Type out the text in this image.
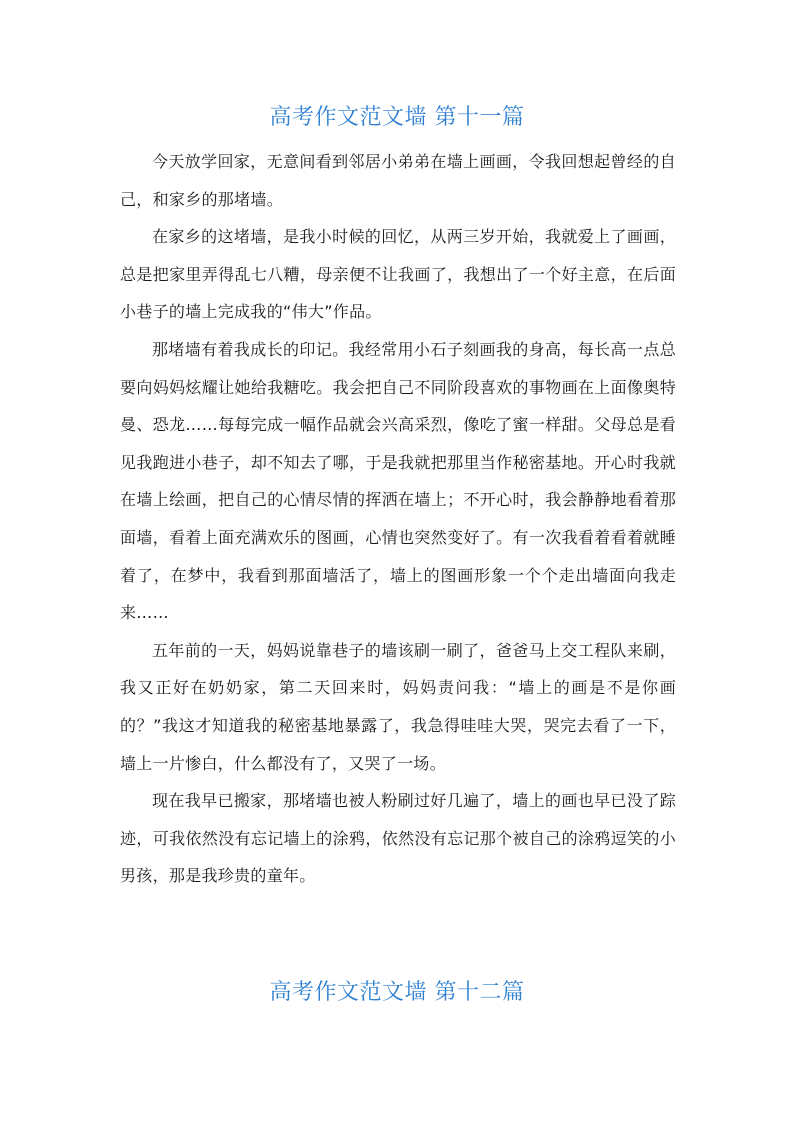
高考作文范文墙 第十一篇

今天放学回家，无意间看到邻居小弟弟在墙上画画，令我回想起曾经的自己，和家乡的那堵墙。

在家乡的这堵墙，是我小时候的回忆，从两三岁开始，我就爱上了画画，总是把家里弄得乱七八糟，母亲便不让我画了，我想出了一个好主意，在后面小巷子的墙上完成我的“伟大”作品。

那堵墙有着我成长的印记。我经常用小石子刻画我的身高，每长高一点总要向妈妈炫耀让她给我糖吃。我会把自己不同阶段喜欢的事物画在上面像奥特曼、恐龙……每每完成一幅作品就会兴高采烈，像吃了蜜一样甜。父母总是看见我跑进小巷子，却不知去了哪，于是我就把那里当作秘密基地。开心时我就在墙上绘画，把自己的心情尽情的挥洒在墙上；不开心时，我会静静地看着那面墙，看着上面充满欢乐的图画，心情也突然变好了。有一次我看着看着就睡着了，在梦中，我看到那面墙活了，墙上的图画形象一个个走出墙面向我走来……

五年前的一天，妈妈说靠巷子的墙该刷一刷了，爸爸马上交工程队来刷，我又正好在奶奶家，第二天回来时，妈妈责问我：“墙上的画是不是你画的？”我这才知道我的秘密基地暴露了，我急得哇哇大哭，哭完去看了一下，墙上一片惨白，什么都没有了，又哭了一场。

现在我早已搬家，那堵墙也被人粉刷过好几遍了，墙上的画也早已没了踪迹，可我依然没有忘记墙上的涂鸦，依然没有忘记那个被自己的涂鸦逗笑的小男孩，那是我珍贵的童年。

高考作文范文墙 第十二篇
